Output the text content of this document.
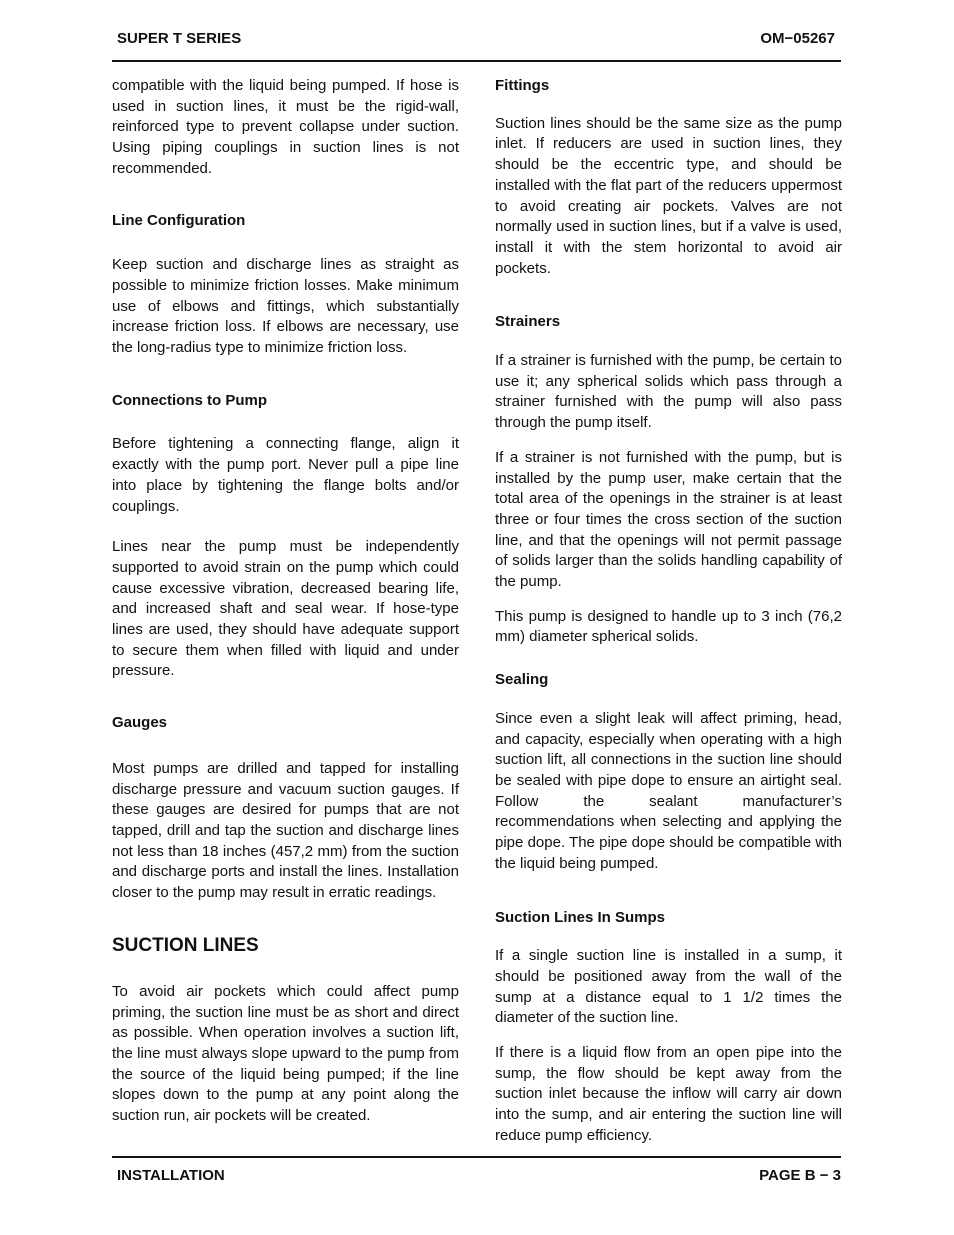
SUPER T SERIES	OM−05267

compatible with the liquid being pumped. If hose is used in suction lines, it must be the rigid-wall, reinforced type to prevent collapse under suction. Using piping couplings in suction lines is not recommended.

Line Configuration

Keep suction and discharge lines as straight as possible to minimize friction losses. Make minimum use of elbows and fittings, which substantially increase friction loss. If elbows are necessary, use the long-radius type to minimize friction loss.

Connections to Pump

Before tightening a connecting flange, align it exactly with the pump port. Never pull a pipe line into place by tightening the flange bolts and/or couplings.

Lines near the pump must be independently supported to avoid strain on the pump which could cause excessive vibration, decreased bearing life, and increased shaft and seal wear. If hose-type lines are used, they should have adequate support to secure them when filled with liquid and under pressure.

Gauges

Most pumps are drilled and tapped for installing discharge pressure and vacuum suction gauges. If these gauges are desired for pumps that are not tapped, drill and tap the suction and discharge lines not less than 18 inches (457,2 mm) from the suction and discharge ports and install the lines. Installation closer to the pump may result in erratic readings.

SUCTION LINES

To avoid air pockets which could affect pump priming, the suction line must be as short and direct as possible. When operation involves a suction lift, the line must always slope upward to the pump from the source of the liquid being pumped; if the line slopes down to the pump at any point along the suction run, air pockets will be created.

Fittings

Suction lines should be the same size as the pump inlet. If reducers are used in suction lines, they should be the eccentric type, and should be installed with the flat part of the reducers uppermost to avoid creating air pockets. Valves are not normally used in suction lines, but if a valve is used, install it with the stem horizontal to avoid air pockets.

Strainers

If a strainer is furnished with the pump, be certain to use it; any spherical solids which pass through a strainer furnished with the pump will also pass through the pump itself.

If a strainer is not furnished with the pump, but is installed by the pump user, make certain that the total area of the openings in the strainer is at least three or four times the cross section of the suction line, and that the openings will not permit passage of solids larger than the solids handling capability of the pump.

This pump is designed to handle up to 3 inch (76,2 mm) diameter spherical solids.

Sealing

Since even a slight leak will affect priming, head, and capacity, especially when operating with a high suction lift, all connections in the suction line should be sealed with pipe dope to ensure an airtight seal. Follow the sealant manufacturer’s recommendations when selecting and applying the pipe dope. The pipe dope should be compatible with the liquid being pumped.

Suction Lines In Sumps

If a single suction line is installed in a sump, it should be positioned away from the wall of the sump at a distance equal to 1 1/2 times the diameter of the suction line.

If there is a liquid flow from an open pipe into the sump, the flow should be kept away from the suction inlet because the inflow will carry air down into the sump, and air entering the suction line will reduce pump efficiency.

INSTALLATION	PAGE B − 3
